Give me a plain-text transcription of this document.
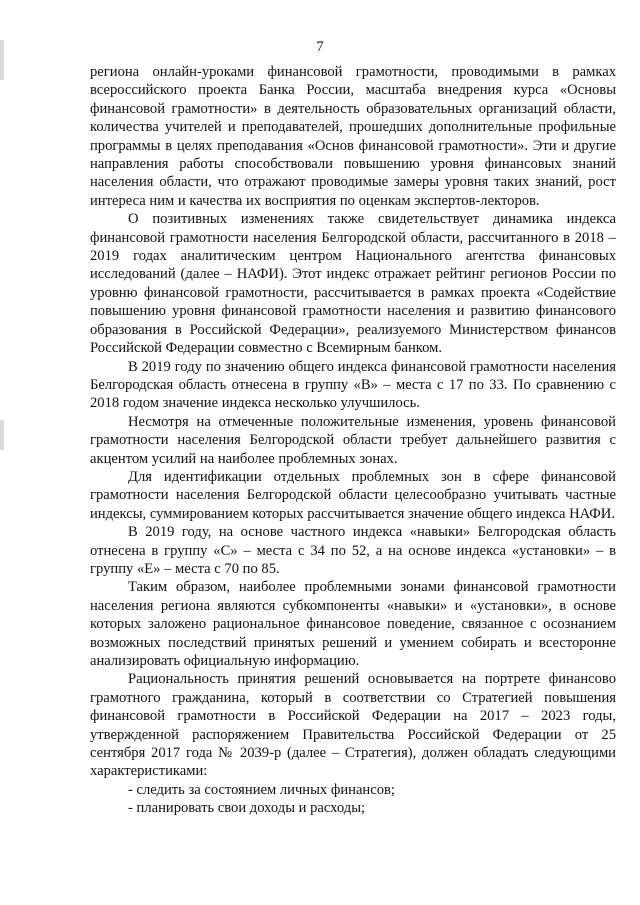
7

региона онлайн-уроками финансовой грамотности, проводимыми в рамках всероссийского проекта Банка России, масштаба внедрения курса «Основы финансовой грамотности» в деятельность образовательных организаций области, количества учителей и преподавателей, прошедших дополнительные профильные программы в целях преподавания «Основ финансовой грамотности». Эти и другие направления работы способствовали повышению уровня финансовых знаний населения области, что отражают проводимые замеры уровня таких знаний, рост интереса ним и качества их восприятия по оценкам экспертов-лекторов.

О позитивных изменениях также свидетельствует динамика индекса финансовой грамотности населения Белгородской области, рассчитанного в 2018 – 2019 годах аналитическим центром Национального агентства финансовых исследований (далее – НАФИ). Этот индекс отражает рейтинг регионов России по уровню финансовой грамотности, рассчитывается в рамках проекта «Содействие повышению уровня финансовой грамотности населения и развитию финансового образования в Российской Федерации», реализуемого Министерством финансов Российской Федерации совместно с Всемирным банком.

В 2019 году по значению общего индекса финансовой грамотности населения Белгородская область отнесена в группу «В» – места с 17 по 33. По сравнению с 2018 годом значение индекса несколько улучшилось.

Несмотря на отмеченные положительные изменения, уровень финансовой грамотности населения Белгородской области требует дальнейшего развития с акцентом усилий на наиболее проблемных зонах.

Для идентификации отдельных проблемных зон в сфере финансовой грамотности населения Белгородской области целесообразно учитывать частные индексы, суммированием которых рассчитывается значение общего индекса НАФИ.

В 2019 году, на основе частного индекса «навыки» Белгородская область отнесена в группу «С» – места с 34 по 52, а на основе индекса «установки» – в группу «Е» – места с 70 по 85.

Таким образом, наиболее проблемными зонами финансовой грамотности населения региона являются субкомпоненты «навыки» и «установки», в основе которых заложено рациональное финансовое поведение, связанное с осознанием возможных последствий принятых решений и умением собирать и всесторонне анализировать официальную информацию.

Рациональность принятия решений основывается на портрете финансово грамотного гражданина, который в соответствии со Стратегией повышения финансовой грамотности в Российской Федерации на 2017 – 2023 годы, утвержденной распоряжением Правительства Российской Федерации от 25 сентября 2017 года № 2039-р (далее – Стратегия), должен обладать следующими характеристиками:

- следить за состоянием личных финансов;

- планировать свои доходы и расходы;
